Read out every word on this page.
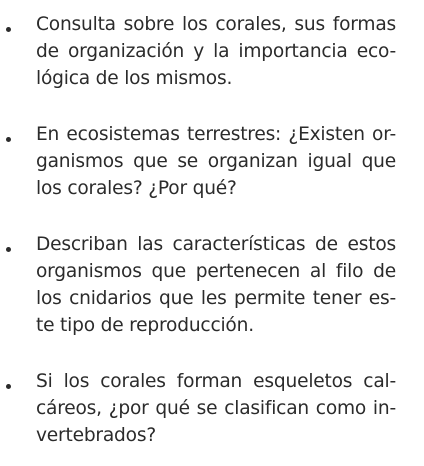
Consulta sobre los corales, sus formas
de organización y la importancia eco-
lógica de los mismos.
En ecosistemas terrestres: ¿Existen or-
ganismos que se organizan igual que
los corales? ¿Por qué?
Describan las características de estos
organismos que pertenecen al filo de
los cnidarios que les permite tener es-
te tipo de reproducción.
Si los corales forman esqueletos cal-
cáreos, ¿por qué se clasifican como in-
vertebrados?
